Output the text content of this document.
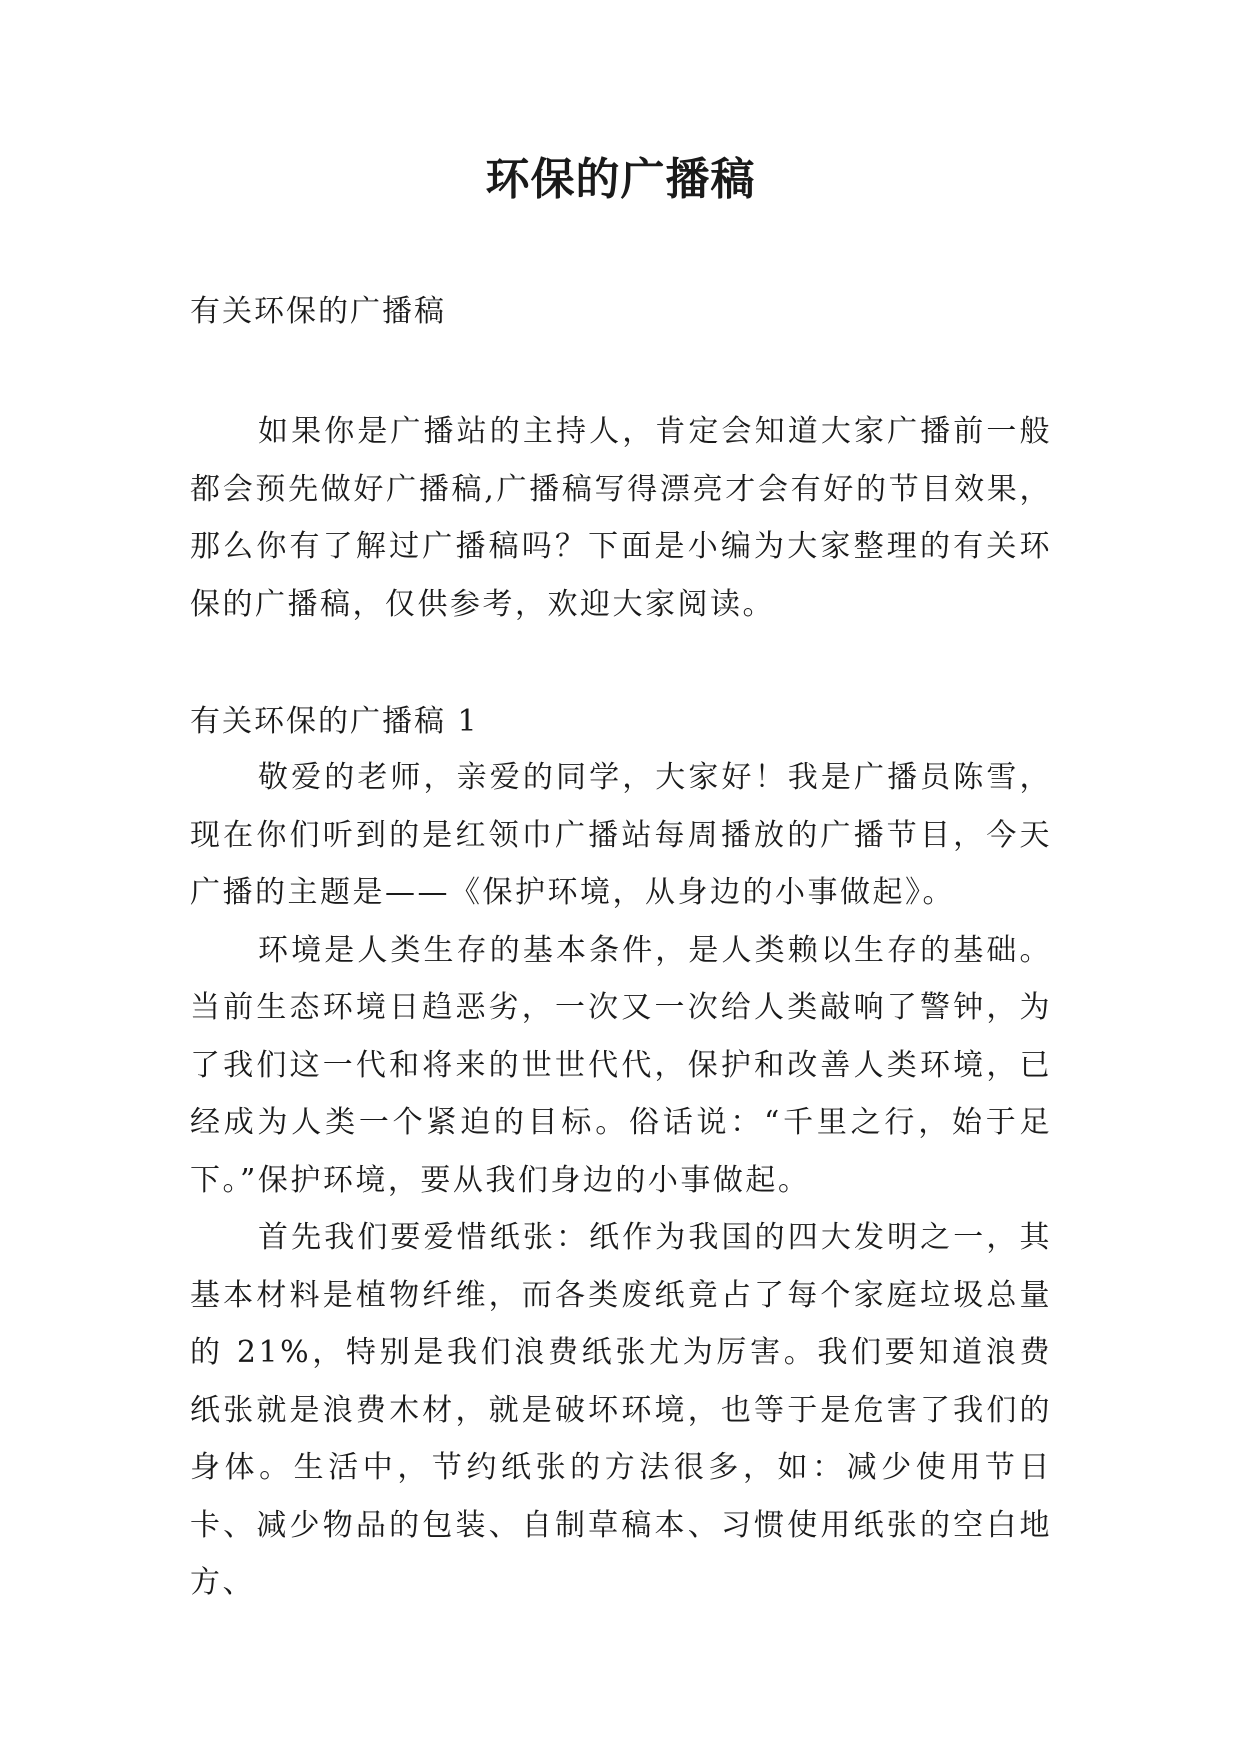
环保的广播稿
有关环保的广播稿

如果你是广播站的主持人，肯定会知道大家广播前一般都会预先做好广播稿,广播稿写得漂亮才会有好的节目效果，那么你有了解过广播稿吗？下面是小编为大家整理的有关环保的广播稿，仅供参考，欢迎大家阅读。

有关环保的广播稿 1

敬爱的老师，亲爱的同学，大家好！我是广播员陈雪，现在你们听到的是红领巾广播站每周播放的广播节目，今天广播的主题是——《保护环境，从身边的小事做起》。

环境是人类生存的基本条件，是人类赖以生存的基础。当前生态环境日趋恶劣，一次又一次给人类敲响了警钟，为了我们这一代和将来的世世代代，保护和改善人类环境，已经成为人类一个紧迫的目标。俗话说：“千里之行，始于足下。”保护环境，要从我们身边的小事做起。

首先我们要爱惜纸张：纸作为我国的四大发明之一，其基本材料是植物纤维，而各类废纸竟占了每个家庭垃圾总量的 21%，特别是我们浪费纸张尤为厉害。我们要知道浪费纸张就是浪费木材，就是破坏环境，也等于是危害了我们的身体。生活中，节约纸张的方法很多，如：减少使用节日卡、减少物品的包装、自制草稿本、习惯使用纸张的空白地方、
